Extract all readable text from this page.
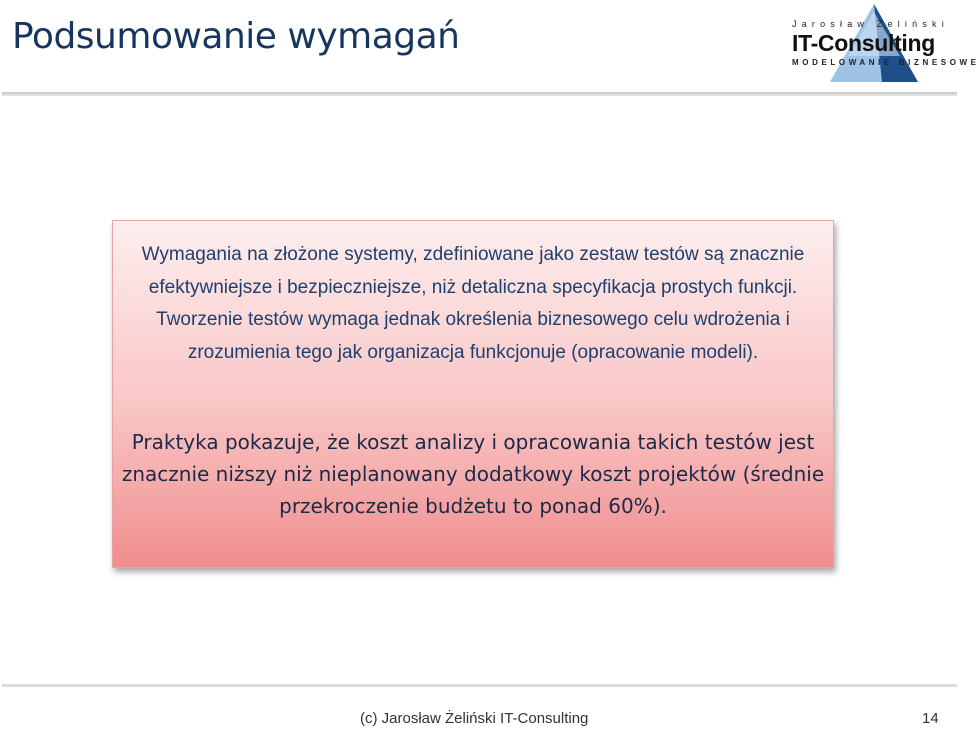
Podsumowanie wymagań	Jarosław Żeliński
IT-Consulting
MODELOWANIE BIZNESOWE
Wymagania na złożone systemy, zdefiniowane jako zestaw testów są znacznie efektywniejsze i bezpieczniejsze, niż detaliczna specyfikacja prostych funkcji. Tworzenie testów wymaga jednak określenia biznesowego celu wdrożenia i zrozumienia tego jak organizacja funkcjonuje (opracowanie modeli).
Praktyka pokazuje, że koszt analizy i opracowania takich testów jest znacznie niższy niż nieplanowany dodatkowy koszt projektów (średnie przekroczenie budżetu to ponad 60%).
(c) Jarosław Żeliński IT-Consulting	14
